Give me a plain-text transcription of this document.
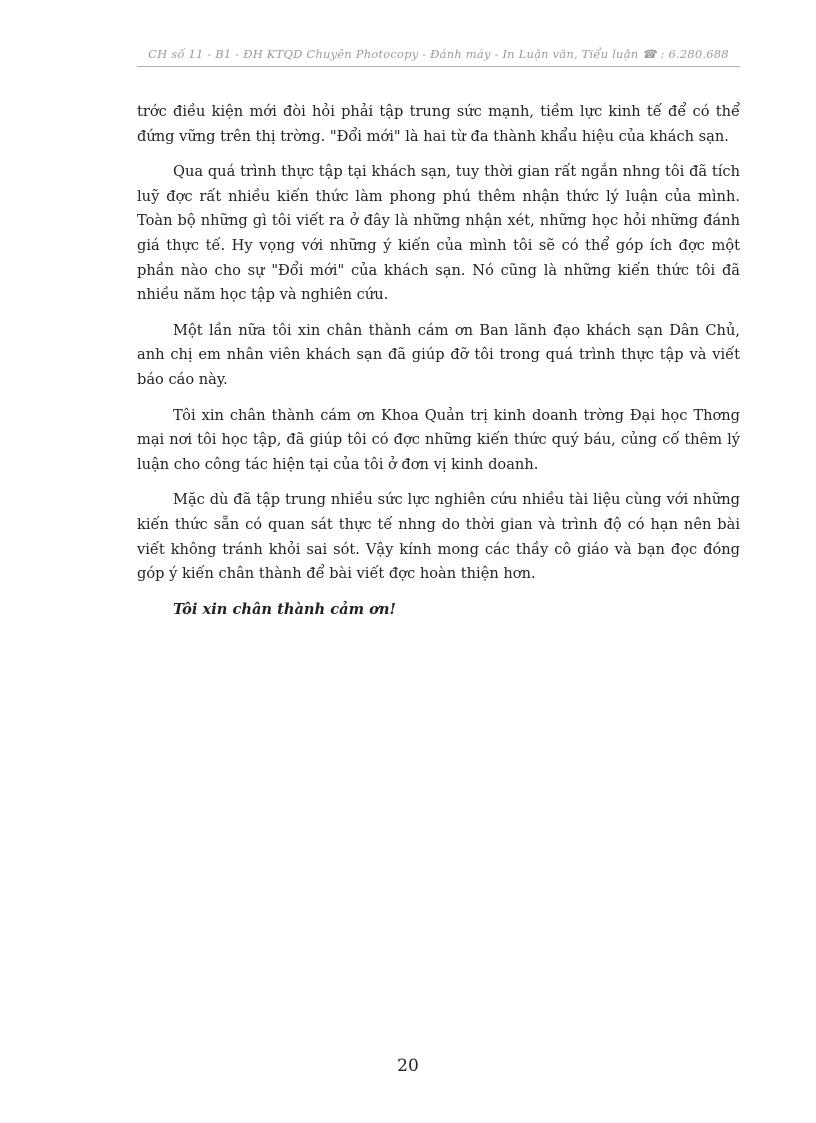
CH số 11 - B1 - ĐH KTQD Chuyên Photocopy - Đánh máy - In Luận văn, Tiểu luận ☎ : 6.280.688

trớc điều kiện mới đòi hỏi phải tập trung sức mạnh, tiềm lực kinh tế để có thể đứng vững trên thị trờng. "Đổi mới" là hai từ đa thành khẩu hiệu của khách sạn.

Qua quá trình thực tập tại khách sạn, tuy thời gian rất ngắn nhng tôi đã tích luỹ đợc rất nhiều kiến thức làm phong phú thêm nhận thức lý luận của mình. Toàn bộ những gì tôi viết ra ở đây là những nhận xét, những học hỏi những đánh giá thực tế. Hy vọng với những ý kiến của mình tôi sẽ có thể góp ích đợc một phần nào cho sự "Đổi mới" của khách sạn. Nó cũng là những kiến thức tôi đã nhiều năm học tập và nghiên cứu.

Một lần nữa tôi xin chân thành cám ơn Ban lãnh đạo khách sạn Dân Chủ, anh chị em nhân viên khách sạn đã giúp đỡ tôi trong quá trình thực tập và viết báo cáo này.

Tôi xin chân thành cám ơn Khoa Quản trị kinh doanh trờng Đại học Thơng mại nơi tôi học tập, đã giúp tôi có đợc những kiến thức quý báu, củng cố thêm lý luận cho công tác hiện tại của tôi ở đơn vị kinh doanh.

Mặc dù đã tập trung nhiều sức lực nghiên cứu nhiều tài liệu cùng với những kiến thức sẵn có quan sát thực tế nhng do thời gian và trình độ có hạn nên bài viết không tránh khỏi sai sót. Vậy kính mong các thầy cô giáo và bạn đọc đóng góp ý kiến chân thành để bài viết đợc hoàn thiện hơn.

Tôi xin chân thành cảm ơn!

20
